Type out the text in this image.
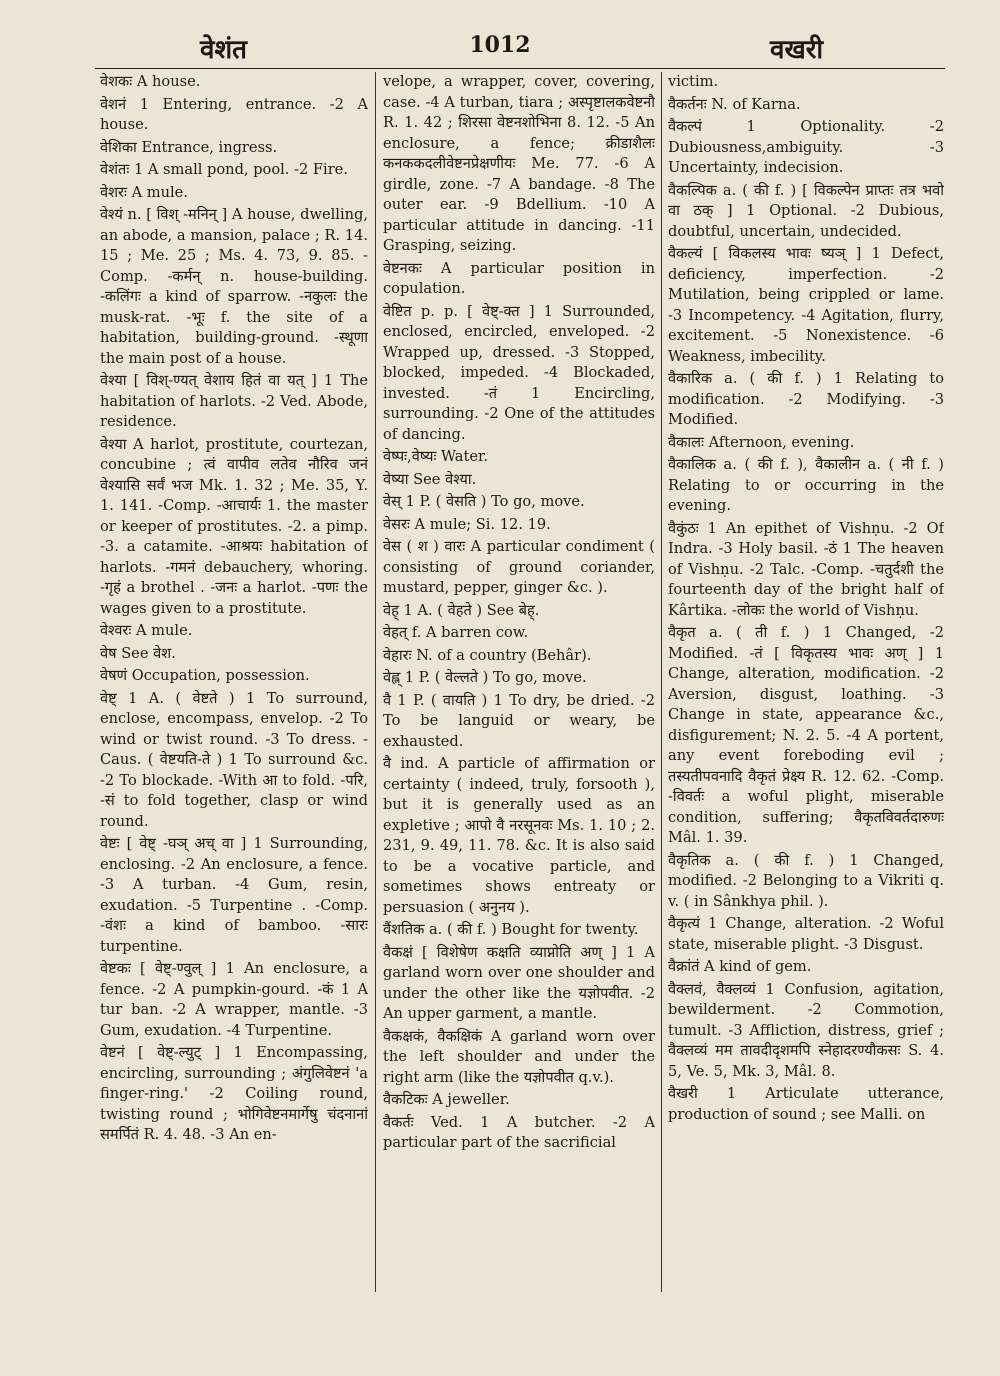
वेशंत	1012	वखरी

वेशकः A house.

वेशनं 1 Entering, entrance. -2 A house.

वेशिका Entrance, ingress.

वेशंतः 1 A small pond, pool. -2 Fire.

वेशरः A mule.

वेश्यं n. [ विश् -मनिन् ] A house, dwelling, an abode, a mansion, palace ; R. 14. 15 ; Me. 25 ; Ms. 4. 73, 9. 85. -Comp. -कर्मन् n. house-building. -कलिंगः a kind of sparrow. -नकुलः the musk-rat. -भूः f. the site of a habitation, building-ground. -स्थूणा the main post of a house.

वेश्या [ विश्-ण्यत् वेशाय हितं वा यत् ] 1 The habitation of harlots. -2 Ved. Abode, residence.

वेश्या A harlot, prostitute, courtezan, concubine ; त्वं वापीव लतेव नौरिव जनं वेश्यासि सर्वं भज Mk. 1. 32 ; Me. 35, Y. 1. 141. -Comp. -आचार्यः 1. the master or keeper of prostitutes. -2. a pimp. -3. a catamite. -आश्रयः habitation of harlots. -गमनं debauchery, whoring. -गृहं a brothel . -जनः a harlot. -पणः the wages given to a prostitute.

वेश्वरः A mule.

वेष See वेश.

वेषणं Occupation, possession.

वेष्ट् 1 A. ( वेष्टते ) 1 To surround, enclose, encompass, envelop. -2 To wind or twist round. -3 To dress. -Caus. ( वेष्टयति-ते ) 1 To surround &c. -2 To blockade. -With आ to fold. -परि, -सं to fold together, clasp or wind round.

वेष्टः [ वेष्ट् -घञ् अच् वा ] 1 Surrounding, enclosing. -2 An enclosure, a fence. -3 A turban. -4 Gum, resin, exudation. -5 Turpentine . -Comp. -वंशः a kind of bamboo. -सारः turpentine.

वेष्टकः [ वेष्ट्-ण्वुल् ] 1 An enclosure, a fence. -2 A pumpkin-gourd. -कं 1 A tur ban. -2 A wrapper, mantle. -3 Gum, exudation. -4 Turpentine.

वेष्टनं [ वेष्ट्-ल्युट् ] 1 Encompassing, encircling, surrounding ; अंगुलिवेष्टनं 'a finger-ring.' -2 Coiling round, twisting round ; भोगिवेष्टनमार्गेषु चंदनानां समर्पितं R. 4. 48. -3 An en-

velope, a wrapper, cover, covering, case. -4 A turban, tiara ; अस्पृष्टालकवेष्टनौ R. 1. 42 ; शिरसा वेष्टनशोभिना 8. 12. -5 An enclosure, a fence; क्रीडाशैलः कनककदलीवेष्टनप्रेक्षणीयः Me. 77. -6 A girdle, zone. -7 A bandage. -8 The outer ear. -9 Bdellium. -10 A particular attitude in dancing. -11 Grasping, seizing.

वेष्टनकः A particular position in copulation.

वेष्टित p. p. [ वेष्ट्-क्त ] 1 Surrounded, enclosed, encircled, enveloped. -2 Wrapped up, dressed. -3 Stopped, blocked, impeded. -4 Blockaded, invested. -तं 1 Encircling, surrounding. -2 One of the attitudes of dancing.

वेष्पः,वेष्यः Water.

वेष्या See वेश्या.

वेस् 1 P. ( वेसति ) To go, move.

वेसरः A mule; Si. 12. 19.

वेस ( श ) वारः A particular condiment ( consisting of ground coriander, mustard, pepper, ginger &c. ).

वेह् 1 A. ( वेहते ) See बेह्.

वेहत् f. A barren cow.

वेहारः N. of a country (Behâr).

वेह्ल् 1 P. ( वेल्लते ) To go, move.

वै 1 P. ( वायति ) 1 To dry, be dried. -2 To be languid or weary, be exhausted.

वै ind. A particle of affirmation or certainty ( indeed, truly, forsooth ), but it is generally used as an expletive ; आपो वै नरसूनवः Ms. 1. 10 ; 2. 231, 9. 49, 11. 78. &c. It is also said to be a vocative particle, and sometimes shows entreaty or persuasion ( अनुनय ).

वैंशतिक a. ( की f. ) Bought for twenty.

वैकक्षं [ विशेषेण कक्षति व्याप्नोति अण् ] 1 A garland worn over one shoulder and under the other like the यज्ञोपवीत. -2 An upper garment, a mantle.

वैकक्षकं, वैकक्षिकं A garland worn over the left shoulder and under the right arm (like the यज्ञोपवीत q.v.).

वैकटिकः A jeweller.

वैकर्तः Ved. 1 A butcher. -2 A particular part of the sacrificial

victim.

वैकर्तनः N. of Karna.

वैकल्पं 1 Optionality. -2 Dubiousness,ambiguity. -3 Uncertainty, indecision.

वैकल्पिक a. ( की f. ) [ विकल्पेन प्राप्तः तत्र भवो वा ठक् ] 1 Optional. -2 Dubious, doubtful, uncertain, undecided.

वैकल्यं [ विकलस्य भावः ष्यञ् ] 1 Defect, deficiency, imperfection. -2 Mutilation, being crippled or lame. -3 Incompetency. -4 Agitation, flurry, excitement. -5 Nonexistence. -6 Weakness, imbecility.

वैकारिक a. ( की f. ) 1 Relating to modification. -2 Modifying. -3 Modified.

वैकालः Afternoon, evening.

वैकालिक a. ( की f. ), वैकालीन a. ( नी f. ) Relating to or occurring in the evening.

वैकुंठः 1 An epithet of Vishṇu. -2 Of Indra. -3 Holy basil. -ठं 1 The heaven of Vishṇu. -2 Talc. -Comp. -चतुर्दशी the fourteenth day of the bright half of Kârtika. -लोकः the world of Vishṇu.

वैकृत a. ( ती f. ) 1 Changed, -2 Modified. -तं [ विकृतस्य भावः अण् ] 1 Change, alteration, modification. -2 Aversion, disgust, loathing. -3 Change in state, appearance &c., disfigurement; N. 2. 5. -4 A portent, any event foreboding evil ; तस्यतीपवनादि वैकृतं प्रेक्ष्य R. 12. 62. -Comp. -विवर्तः a woful plight, miserable condition, suffering; वैकृतविवर्तदारुणः Mâl. 1. 39.

वैकृतिक a. ( की f. ) 1 Changed, modified. -2 Belonging to a Vikriti q. v. ( in Sânkhya phil. ).

वैकृत्यं 1 Change, alteration. -2 Woful state, miserable plight. -3 Disgust.

वैक्रांतं A kind of gem.

वैक्लवं, वैक्लव्यं 1 Confusion, agitation, bewilderment. -2 Commotion, tumult. -3 Affliction, distress, grief ; वैक्लव्यं मम तावदीदृशमपि स्नेहादरण्यौकसः S. 4. 5, Ve. 5, Mk. 3, Mâl. 8.

वैखरी 1 Articulate utterance, production of sound ; see Malli. on
